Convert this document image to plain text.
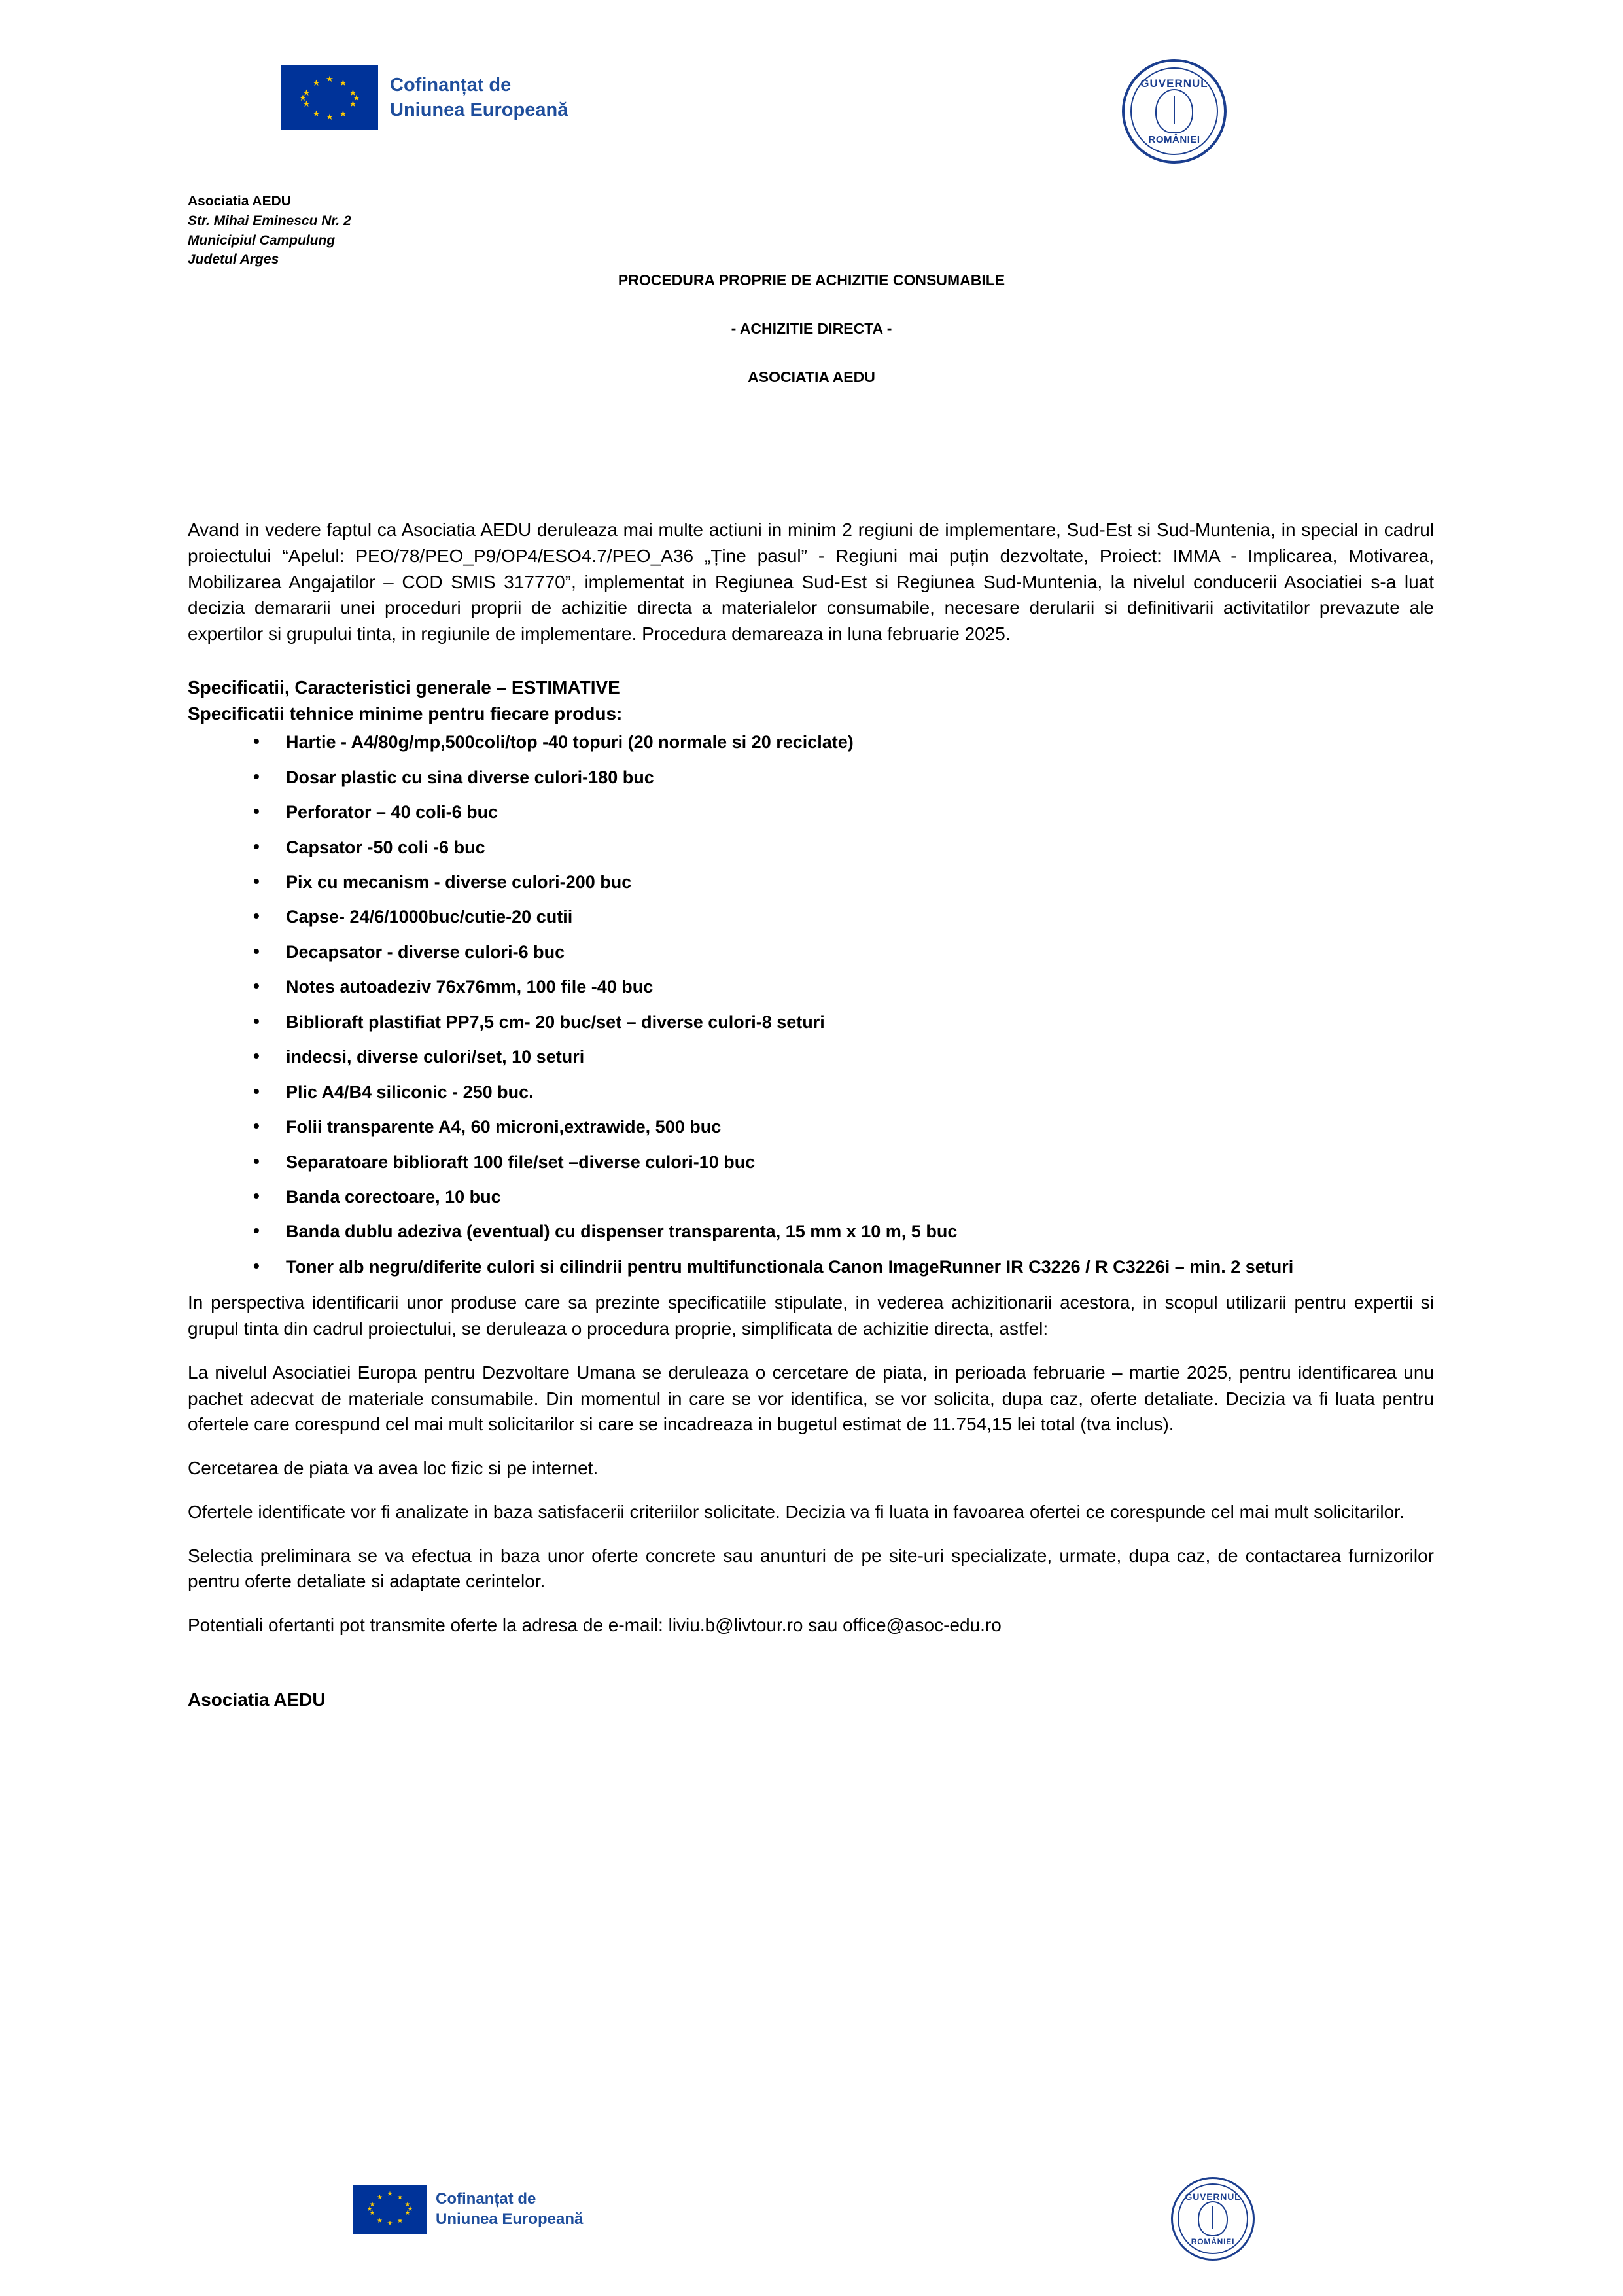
★ ★
★
★
★
★
★
★
★
★
★
★	Cofinanțat de
Uniunea Europeană
GUVERNUL
ROMÂNIEI
Asociatia AEDU
Str. Mihai Eminescu Nr. 2
Municipiul Campulung
Judetul Arges
PROCEDURA PROPRIE DE ACHIZITIE CONSUMABILE
- ACHIZITIE DIRECTA -
ASOCIATIA AEDU

Avand in vedere faptul ca Asociatia AEDU deruleaza mai multe actiuni in minim 2 regiuni de implementare, Sud-Est si Sud-Muntenia, in special in cadrul proiectului “Apelul: PEO/78/PEO_P9/OP4/ESO4.7/PEO_A36 „Ține pasul” - Regiuni mai puțin dezvoltate, Proiect: IMMA - Implicarea, Motivarea, Mobilizarea Angajatilor – COD SMIS 317770”, implementat in Regiunea Sud-Est si Regiunea Sud-Muntenia, la nivelul conducerii Asociatiei s-a luat decizia demararii unei proceduri proprii de achizitie directa a materialelor consumabile, necesare derularii si definitivarii activitatilor prevazute ale expertilor si grupului tinta, in regiunile de implementare. Procedura demareaza in luna februarie 2025.

Specificatii, Caracteristici generale – ESTIMATIVE
Specificatii tehnice minime pentru fiecare produs:
• Hartie - A4/80g/mp,500coli/top -40 topuri (20 normale si 20 reciclate)
• Dosar plastic cu sina diverse culori-180 buc
• Perforator – 40 coli-6 buc
• Capsator -50 coli -6 buc
• Pix cu mecanism - diverse culori-200 buc
• Capse- 24/6/1000buc/cutie-20 cutii
• Decapsator - diverse culori-6 buc
• Notes autoadeziv 76x76mm, 100 file -40 buc
• Biblioraft plastifiat PP7,5 cm- 20 buc/set – diverse culori-8 seturi
• indecsi, diverse culori/set, 10 seturi
• Plic A4/B4 siliconic - 250 buc.
• Folii transparente A4, 60 microni,extrawide, 500 buc
• Separatoare biblioraft 100 file/set –diverse culori-10 buc
• Banda corectoare, 10 buc
• Banda dublu adeziva (eventual) cu dispenser transparenta, 15 mm x 10 m, 5 buc
• Toner alb negru/diferite culori si cilindrii pentru multifunctionala Canon ImageRunner IR C3226 / R C3226i – min. 2 seturi

In perspectiva identificarii unor produse care sa prezinte specificatiile stipulate, in vederea achizitionarii acestora, in scopul utilizarii pentru expertii si grupul tinta din cadrul proiectului, se deruleaza o procedura proprie, simplificata de achizitie directa, astfel:

La nivelul Asociatiei Europa pentru Dezvoltare Umana se deruleaza o cercetare de piata, in perioada februarie – martie 2025, pentru identificarea unu pachet adecvat de materiale consumabile. Din momentul in care se vor identifica, se vor solicita, dupa caz, oferte detaliate. Decizia va fi luata pentru ofertele care corespund cel mai mult solicitarilor si care se incadreaza in bugetul estimat de 11.754,15 lei total (tva inclus).

Cercetarea de piata va avea loc fizic si pe internet.

Ofertele identificate vor fi analizate in baza satisfacerii criteriilor solicitate. Decizia va fi luata in favoarea ofertei ce corespunde cel mai mult solicitarilor.

Selectia preliminara se va efectua in baza unor oferte concrete sau anunturi de pe site-uri specializate, urmate, dupa caz, de contactarea furnizorilor pentru oferte detaliate si adaptate cerintelor.

Potentiali ofertanti pot transmite oferte la adresa de e-mail: liviu.b@livtour.ro sau office@asoc-edu.ro

Asociatia AEDU
★ ★
★
★
★
★
★
★
★
★
★
★	Cofinanțat de
Uniunea Europeană
GUVERNUL
ROMÂNIEI
